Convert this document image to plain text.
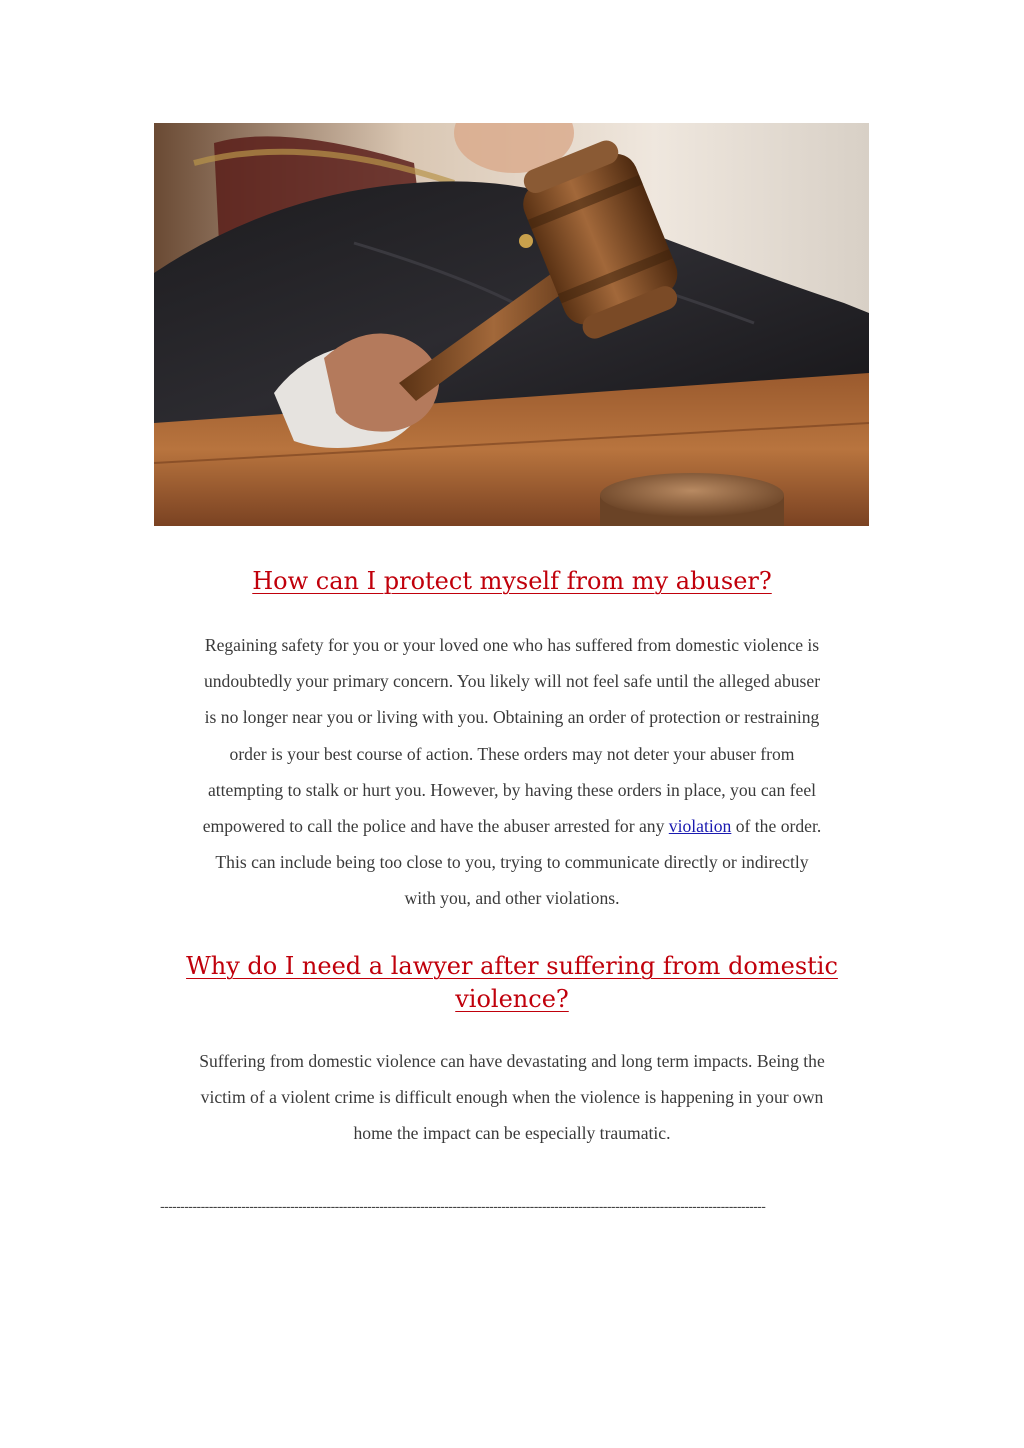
How can I protect myself from my abuser?

Regaining safety for you or your loved one who has suffered from domestic violence is
undoubtedly your primary concern. You likely will not feel safe until the alleged abuser
is no longer near you or living with you. Obtaining an order of protection or restraining
order is your best course of action. These orders may not deter your abuser from
attempting to stalk or hurt you. However, by having these orders in place, you can feel
empowered to call the police and have the abuser arrested for any violation of the order.
This can include being too close to you, trying to communicate directly or indirectly
with you, and other violations.

Why do I need a lawyer after suffering from domestic
violence?

Suffering from domestic violence can have devastating and long term impacts. Being the
victim of a violent crime is difficult enough when the violence is happening in your own
home the impact can be especially traumatic.

-----------------------------------------------------------------------------------------------------------------------------------------------------
